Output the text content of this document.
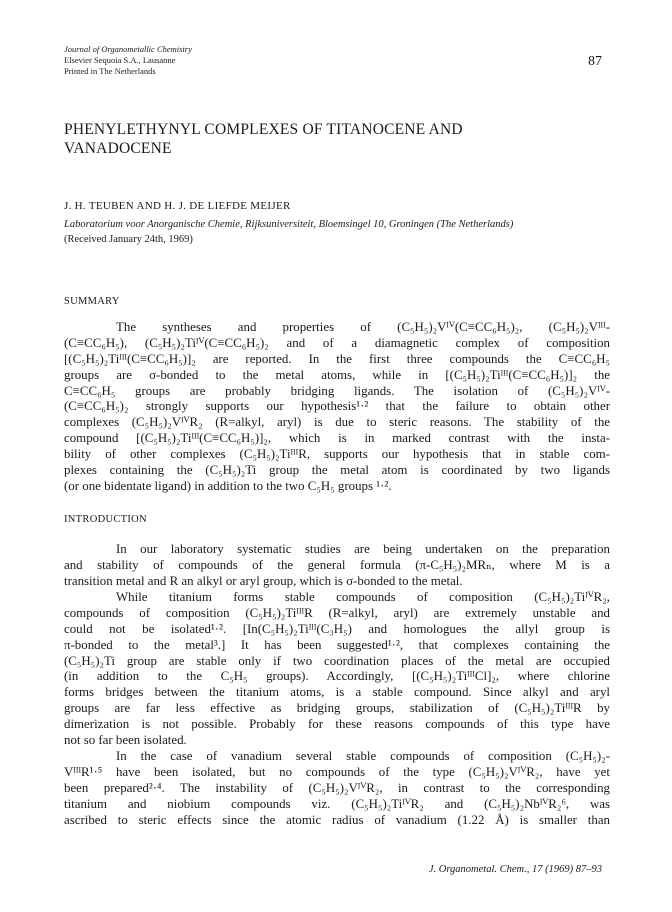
Journal of Organometallic Chemistry
Elsevier Sequoia S.A., Lausanne
Printed in The Netherlands
87
PHENYLETHYNYL COMPLEXES OF TITANOCENE AND
VANADOCENE
J. H. TEUBEN AND H. J. DE LIEFDE MEIJER
Laboratorium voor Anorganische Chemie, Rijksuniversiteit, Bloemsingel 10, Groningen (The Netherlands)
(Received January 24th, 1969)
SUMMARY
The syntheses and properties of (C₅H₅)₂Vᴵⱽ(C≡CC₆H₅)₂, (C₅H₅)₂Vᴵᴵᴵ-
(C≡CC₆H₅), (C₅H₅)₂Tiᴵⱽ(C≡CC₆H₅)₂ and of a diamagnetic complex of composition
[(C₅H₅)₂Tiᴵᴵᴵ(C≡CC₆H₅)]₂ are reported. In the first three compounds the C≡CC₆H₅
groups are σ-bonded to the metal atoms, while in [(C₅H₅)₂Tiᴵᴵᴵ(C≡CC₆H₅)]₂ the
C≡CC₆H₅ groups are probably bridging ligands. The isolation of (C₅H₅)₂Vᴵⱽ-
(C≡CC₆H₅)₂ strongly supports our hypothesis¹·² that the failure to obtain other
complexes (C₅H₅)₂VᴵⱽR₂ (R=alkyl, aryl) is due to steric reasons. The stability of the
compound [(C₅H₅)₂Tiᴵᴵᴵ(C≡CC₆H₅)]₂, which is in marked contrast with the insta-
bility of other complexes (C₅H₅)₂TiᴵᴵᴵR, supports our hypothesis that in stable com-
plexes containing the (C₅H₅)₂Ti group the metal atom is coordinated by two ligands
(or one bidentate ligand) in addition to the two C₅H₅ groups ¹·².
INTRODUCTION
In our laboratory systematic studies are being undertaken on the preparation
and stability of compounds of the general formula (π-C₅H₅)₂MRₙ, where M is a
transition metal and R an alkyl or aryl group, which is σ-bonded to the metal.
While titanium forms stable compounds of composition (C₅H₅)₂TiᴵⱽR₂,
compounds of composition (C₅H₅)₂TiᴵᴵᴵR (R=alkyl, aryl) are extremely unstable and
could not be isolated¹·². [In(C₅H₅)₂Tiᴵᴵᴵ(C₃H₅) and homologues the allyl group is
π-bonded to the metal³.] It has been suggested¹·², that complexes containing the
(C₅H₅)₂Ti group are stable only if two coordination places of the metal are occupied
(in addition to the C₅H₅ groups). Accordingly, [(C₅H₅)₂TiᴵᴵᴵCl]₂, where chlorine
forms bridges between the titanium atoms, is a stable compound. Since alkyl and aryl
groups are far less effective as bridging groups, stabilization of (C₅H₅)₂TiᴵᴵᴵR by
dimerization is not possible. Probably for these reasons compounds of this type have
not so far been isolated.
In the case of vanadium several stable compounds of composition (C₅H₅)₂-
VᴵᴵᴵR¹·⁵ have been isolated, but no compounds of the type (C₅H₅)₂VᴵⱽR₂, have yet
been prepared²·⁴. The instability of (C₅H₅)₂VᴵⱽR₂, in contrast to the corresponding
titanium and niobium compounds viz. (C₅H₅)₂TiᴵⱽR₂ and (C₅H₅)₂NbᴵⱽR₂⁶, was
ascribed to steric effects since the atomic radius of vanadium (1.22 Å) is smaller than
J. Organometal. Chem., 17 (1969) 87–93
